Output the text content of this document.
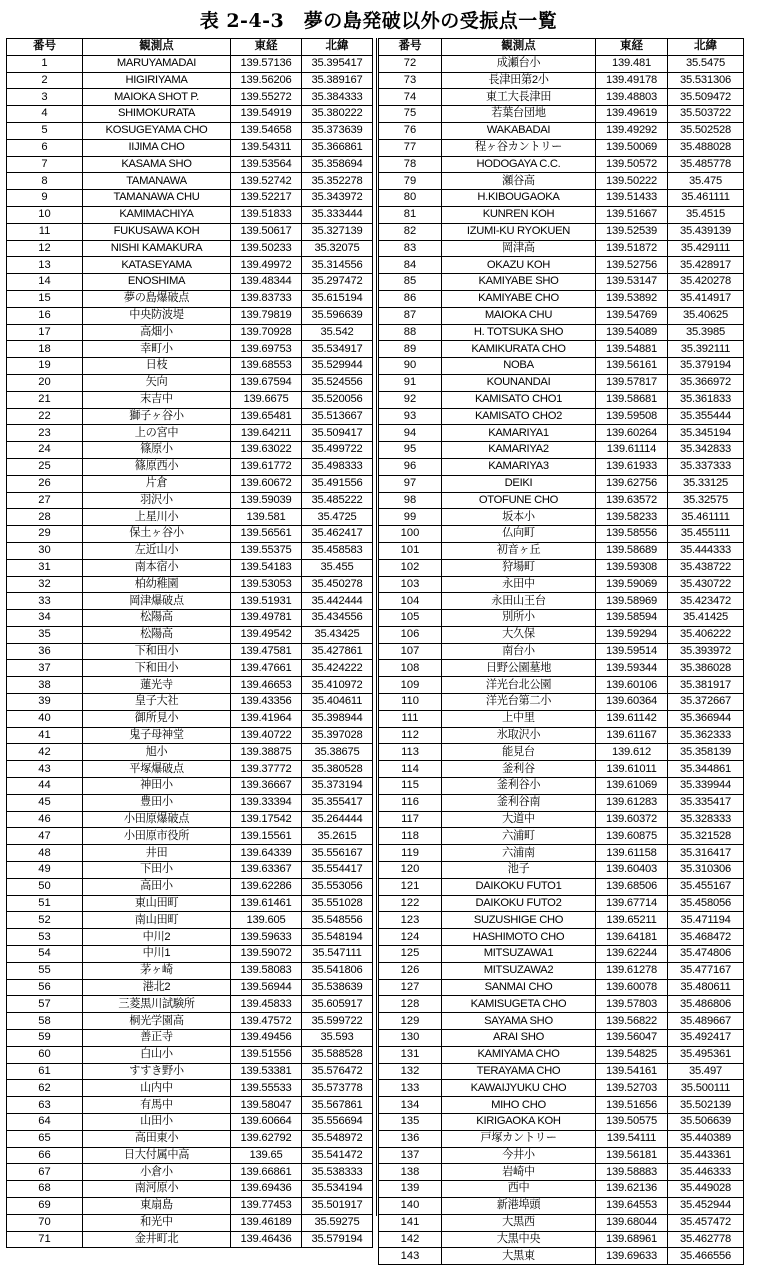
表 2-4-3　夢の島発破以外の受振点一覧
番号	観測点	東経	北緯
1	MARUYAMADAI	139.57136	35.395417
2	HIGIRIYAMA	139.56206	35.389167
3	MAIOKA SHOT P.	139.55272	35.384333
4	SHIMOKURATA	139.54919	35.380222
5	KOSUGEYAMA CHO	139.54658	35.373639
6	IIJIMA CHO	139.54311	35.366861
7	KASAMA SHO	139.53564	35.358694
8	TAMANAWA	139.52742	35.352278
9	TAMANAWA CHU	139.52217	35.343972
10	KAMIMACHIYA	139.51833	35.333444
11	FUKUSAWA KOH	139.50617	35.327139
12	NISHI KAMAKURA	139.50233	35.32075
13	KATASEYAMA	139.49972	35.314556
14	ENOSHIMA	139.48344	35.297472
15	夢の島爆破点	139.83733	35.615194
16	中央防波堤	139.79819	35.596639
17	高畑小	139.70928	35.542
18	幸町小	139.69753	35.534917
19	日枝	139.68553	35.529944
20	矢向	139.67594	35.524556
21	末吉中	139.6675	35.520056
22	獅子ヶ谷小	139.65481	35.513667
23	上の宮中	139.64211	35.509417
24	篠原小	139.63022	35.499722
25	篠原西小	139.61772	35.498333
26	片倉	139.60672	35.491556
27	羽沢小	139.59039	35.485222
28	上星川小	139.581	35.4725
29	保土ヶ谷小	139.56561	35.462417
30	左近山小	139.55375	35.458583
31	南本宿小	139.54183	35.455
32	柏幼稚園	139.53053	35.450278
33	岡津爆破点	139.51931	35.442444
34	松陽高	139.49781	35.434556
35	松陽高	139.49542	35.43425
36	下和田小	139.47581	35.427861
37	下和田小	139.47661	35.424222
38	蓮光寺	139.46653	35.410972
39	皇子大社	139.43356	35.404611
40	御所見小	139.41964	35.398944
41	鬼子母神堂	139.40722	35.397028
42	旭小	139.38875	35.38675
43	平塚爆破点	139.37772	35.380528
44	神田小	139.36667	35.373194
45	豊田小	139.33394	35.355417
46	小田原爆破点	139.17542	35.264444
47	小田原市役所	139.15561	35.2615
48	井田	139.64339	35.556167
49	下田小	139.63367	35.554417
50	高田小	139.62286	35.553056
51	東山田町	139.61461	35.551028
52	南山田町	139.605	35.548556
53	中川2	139.59633	35.548194
54	中川1	139.59072	35.547111
55	茅ヶ崎	139.58083	35.541806
56	港北2	139.56944	35.538639
57	三菱黒川試験所	139.45833	35.605917
58	桐光学園高	139.47572	35.599722
59	善正寺	139.49456	35.593
60	白山小	139.51556	35.588528
61	すすき野小	139.53381	35.576472
62	山内中	139.55533	35.573778
63	有馬中	139.58047	35.567861
64	山田小	139.60664	35.556694
65	高田東小	139.62792	35.548972
66	日大付属中高	139.65	35.541472
67	小倉小	139.66861	35.538333
68	南河原小	139.69436	35.534194
69	東扇島	139.77453	35.501917
70	和光中	139.46189	35.59275
71	金井町北	139.46436	35.579194
番号	観測点	東経	北緯
72	成瀬台小	139.481	35.5475
73	長津田第2小	139.49178	35.531306
74	東工大長津田	139.48803	35.509472
75	若葉台団地	139.49619	35.503722
76	WAKABADAI	139.49292	35.502528
77	程ヶ谷カントリー	139.50069	35.488028
78	HODOGAYA C.C.	139.50572	35.485778
79	瀬谷高	139.50222	35.475
80	H.KIBOUGAOKA	139.51433	35.461111
81	KUNREN KOH	139.51667	35.4515
82	IZUMI-KU RYOKUEN	139.52539	35.439139
83	岡津高	139.51872	35.429111
84	OKAZU KOH	139.52756	35.428917
85	KAMIYABE SHO	139.53147	35.420278
86	KAMIYABE CHO	139.53892	35.414917
87	MAIOKA CHU	139.54769	35.40625
88	H. TOTSUKA SHO	139.54089	35.3985
89	KAMIKURATA CHO	139.54881	35.392111
90	NOBA	139.56161	35.379194
91	KOUNANDAI	139.57817	35.366972
92	KAMISATO CHO1	139.58681	35.361833
93	KAMISATO CHO2	139.59508	35.355444
94	KAMARIYA1	139.60264	35.345194
95	KAMARIYA2	139.61114	35.342833
96	KAMARIYA3	139.61933	35.337333
97	DEIKI	139.62756	35.33125
98	OTOFUNE CHO	139.63572	35.32575
99	坂本小	139.58233	35.461111
100	仏向町	139.58556	35.455111
101	初音ヶ丘	139.58689	35.444333
102	狩場町	139.59308	35.438722
103	永田中	139.59069	35.430722
104	永田山王台	139.58969	35.423472
105	別所小	139.58594	35.41425
106	大久保	139.59294	35.406222
107	南台小	139.59514	35.393972
108	日野公園墓地	139.59344	35.386028
109	洋光台北公園	139.60106	35.381917
110	洋光台第二小	139.60364	35.372667
111	上中里	139.61142	35.366944
112	氷取沢小	139.61167	35.362333
113	能見台	139.612	35.358139
114	釜利谷	139.61011	35.344861
115	釜利谷小	139.61069	35.339944
116	釜利谷南	139.61283	35.335417
117	大道中	139.60372	35.328333
118	六浦町	139.60875	35.321528
119	六浦南	139.61158	35.316417
120	池子	139.60403	35.310306
121	DAIKOKU FUTO1	139.68506	35.455167
122	DAIKOKU FUTO2	139.67714	35.458056
123	SUZUSHIGE CHO	139.65211	35.471194
124	HASHIMOTO CHO	139.64181	35.468472
125	MITSUZAWA1	139.62244	35.474806
126	MITSUZAWA2	139.61278	35.477167
127	SANMAI CHO	139.60078	35.480611
128	KAMISUGETA CHO	139.57803	35.486806
129	SAYAMA SHO	139.56822	35.489667
130	ARAI SHO	139.56047	35.492417
131	KAMIYAMA CHO	139.54825	35.495361
132	TERAYAMA CHO	139.54161	35.497
133	KAWAIJYUKU CHO	139.52703	35.500111
134	MIHO CHO	139.51656	35.502139
135	KIRIGAOKA KOH	139.50575	35.506639
136	戸塚カントリー	139.54111	35.440389
137	今井小	139.56181	35.443361
138	岩崎中	139.58883	35.446333
139	西中	139.62136	35.449028
140	新港埠頭	139.64553	35.452944
141	大黒西	139.68044	35.457472
142	大黒中央	139.68961	35.462778
143	大黒東	139.69633	35.466556
